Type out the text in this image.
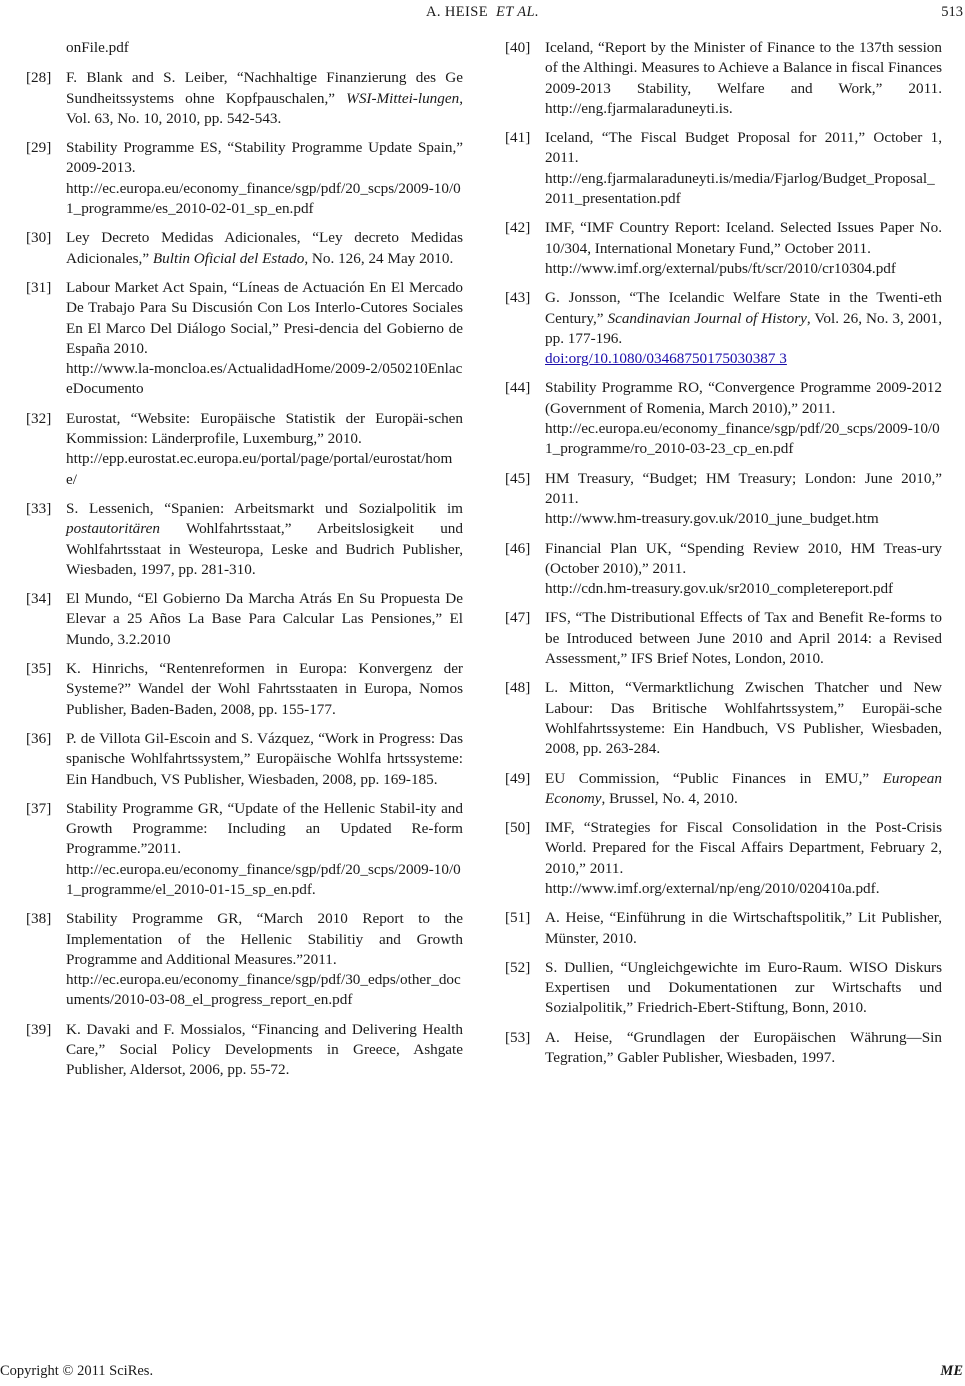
A. HEISE ET AL.	513
onFile.pdf
[28] F. Blank and S. Leiber, “Nachhaltige Finanzierung des Ge Sundheitssystems ohne Kopfpauschalen,” WSI-Mittei-lungen, Vol. 63, No. 10, 2010, pp. 542-543.
[29] Stability Programme ES, “Stability Programme Update Spain,” 2009-2013.
http://ec.europa.eu/economy_finance/sgp/pdf/20_scps/2009-10/01_programme/es_2010-02-01_sp_en.pdf
[30] Ley Decreto Medidas Adicionales, “Ley decreto Medidas Adicionales,” Bultin Oficial del Estado, No. 126, 24 May 2010.
[31] Labour Market Act Spain, “Líneas de Actuación En El Mercado De Trabajo Para Su Discusión Con Los Interlo-Cutores Sociales En El Marco Del Diálogo Social,” Presi-dencia del Gobierno de España 2010.
http://www.la-moncloa.es/ActualidadHome/2009-2/050210EnlaceDocumento
[32] Eurostat, “Website: Europäische Statistik der Europäi-schen Kommission: Länderprofile, Luxemburg,” 2010.
http://epp.eurostat.ec.europa.eu/portal/page/portal/eurostat/home/
[33] S. Lessenich, “Spanien: Arbeitsmarkt und Sozialpolitik im postautoritären Wohlfahrtsstaat,” Arbeitslosigkeit und Wohlfahrtsstaat in Westeuropa, Leske and Budrich Publisher, Wiesbaden, 1997, pp. 281-310.
[34] El Mundo, “El Gobierno Da Marcha Atrás En Su Propuesta De Elevar a 25 Años La Base Para Calcular Las Pensiones,” El Mundo, 3.2.2010
[35] K. Hinrichs, “Rentenreformen in Europa: Konvergenz der Systeme?” Wandel der Wohl Fahrtsstaaten in Europa, Nomos Publisher, Baden-Baden, 2008, pp. 155-177.
[36] P. de Villota Gil-Escoin and S. Vázquez, “Work in Progress: Das spanische Wohlfahrtssystem,” Europäische Wohlfa hrtssysteme: Ein Handbuch, VS Publisher, Wiesbaden, 2008, pp. 169-185.
[37] Stability Programme GR, “Update of the Hellenic Stabil-ity and Growth Programme: Including an Updated Re-form Programme.”2011.
http://ec.europa.eu/economy_finance/sgp/pdf/20_scps/2009-10/01_programme/el_2010-01-15_sp_en.pdf.
[38] Stability Programme GR, “March 2010 Report to the Implementation of the Hellenic Stabilitiy and Growth Programme and Additional Measures.”2011.
http://ec.europa.eu/economy_finance/sgp/pdf/30_edps/other_documents/2010-03-08_el_progress_report_en.pdf
[39] K. Davaki and F. Mossialos, “Financing and Delivering Health Care,” Social Policy Developments in Greece, Ashgate Publisher, Aldersot, 2006, pp. 55-72.
[40] Iceland, “Report by the Minister of Finance to the 137th session of the Althingi. Measures to Achieve a Balance in fiscal Finances 2009-2013 Stability, Welfare and Work,” 2011. http://eng.fjarmalaraduneyti.is.
[41] Iceland, “The Fiscal Budget Proposal for 2011,” October 1, 2011.
http://eng.fjarmalaraduneyti.is/media/Fjarlog/Budget_Proposal_2011_presentation.pdf
[42] IMF, “IMF Country Report: Iceland. Selected Issues Paper No. 10/304, International Monetary Fund,” October 2011.
http://www.imf.org/external/pubs/ft/scr/2010/cr10304.pdf
[43] G. Jonsson, “The Icelandic Welfare State in the Twenti-eth Century,” Scandinavian Journal of History, Vol. 26, No. 3, 2001, pp. 177-196.
doi:org/10.1080/03468750175030387 3
[44] Stability Programme RO, “Convergence Programme 2009-2012 (Government of Romenia, March 2010),” 2011.
http://ec.europa.eu/economy_finance/sgp/pdf/20_scps/2009-10/01_programme/ro_2010-03-23_cp_en.pdf
[45] HM Treasury, “Budget; HM Treasury; London: June 2010,” 2011.
http://www.hm-treasury.gov.uk/2010_june_budget.htm
[46] Financial Plan UK, “Spending Review 2010, HM Treas-ury (October 2010),” 2011.
http://cdn.hm-treasury.gov.uk/sr2010_completereport.pdf
[47] IFS, “The Distributional Effects of Tax and Benefit Re-forms to be Introduced between June 2010 and April 2014: a Revised Assessment,” IFS Brief Notes, London, 2010.
[48] L. Mitton, “Vermarktlichung Zwischen Thatcher und New Labour: Das Britische Wohlfahrtssystem,” Europäi-sche Wohlfahrtssysteme: Ein Handbuch, VS Publisher, Wiesbaden, 2008, pp. 263-284.
[49] EU Commission, “Public Finances in EMU,” European Economy, Brussel, No. 4, 2010.
[50] IMF, “Strategies for Fiscal Consolidation in the Post-Crisis World. Prepared for the Fiscal Affairs Department, February 2, 2010,” 2011.
http://www.imf.org/external/np/eng/2010/020410a.pdf.
[51] A. Heise, “Einführung in die Wirtschaftspolitik,” Lit Publisher, Münster, 2010.
[52] S. Dullien, “Ungleichgewichte im Euro-Raum. WISO Diskurs Expertisen und Dokumentationen zur Wirtschafts und Sozialpolitik,” Friedrich-Ebert-Stiftung, Bonn, 2010.
[53] A. Heise, “Grundlagen der Europäischen Währung—Sin Tegration,” Gabler Publisher, Wiesbaden, 1997.
Copyright © 2011 SciRes.	ME
